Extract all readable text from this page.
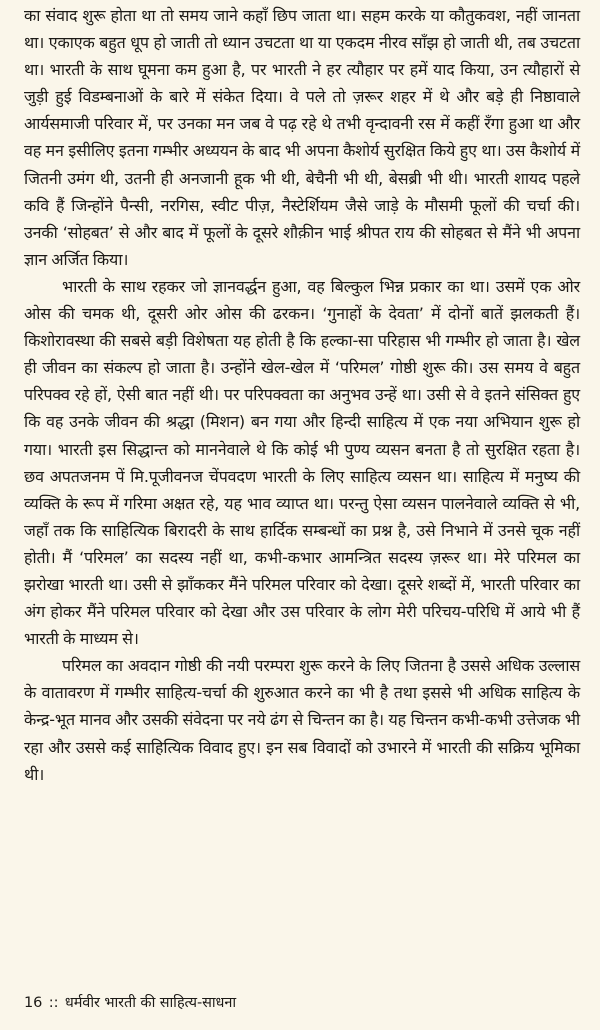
का संवाद शुरू होता था तो समय जाने कहाँ छिप जाता था। सहम करके या कौतुकवश, नहीं जानता था। एकाएक बहुत धूप हो जाती तो ध्यान उचटता था या एकदम नीरव साँझ हो जाती थी, तब उचटता था। भारती के साथ घूमना कम हुआ है, पर भारती ने हर त्यौहार पर हमें याद किया, उन त्यौहारों से जुड़ी हुई विडम्बनाओं के बारे में संकेत दिया। वे पले तो ज़रूर शहर में थे और बड़े ही निष्ठावाले आर्यसमाजी परिवार में, पर उनका मन जब वे पढ़ रहे थे तभी वृन्दावनी रस में कहीं रँगा हुआ था और वह मन इसीलिए इतना गम्भीर अध्ययन के बाद भी अपना कैशोर्य सुरक्षित किये हुए था। उस कैशोर्य में जितनी उमंग थी, उतनी ही अनजानी हूक भी थी, बेचैनी भी थी, बेसब्री भी थी। भारती शायद पहले कवि हैं जिन्होंने पैन्सी, नरगिस, स्वीट पीज़, नैस्टेर्शियम जैसे जाड़े के मौसमी फूलों की चर्चा की। उनकी ‘सोहबत’ से और बाद में फूलों के दूसरे शौक़ीन भाई श्रीपत राय की सोहबत से मैंने भी अपना ज्ञान अर्जित किया।

भारती के साथ रहकर जो ज्ञानवर्द्धन हुआ, वह बिल्कुल भिन्न प्रकार का था। उसमें एक ओर ओस की चमक थी, दूसरी ओर ओस की ढरकन। ‘गुनाहों के देवता’ में दोनों बातें झलकती हैं। किशोरावस्था की सबसे बड़ी विशेषता यह होती है कि हल्का-सा परिहास भी गम्भीर हो जाता है। खेल ही जीवन का संकल्प हो जाता है। उन्होंने खेल-खेल में ‘परिमल’ गोष्ठी शुरू की। उस समय वे बहुत परिपक्व रहे हों, ऐसी बात नहीं थी। पर परिपक्वता का अनुभव उन्हें था। उसी से वे इतने संसिक्त हुए कि वह उनके जीवन की श्रद्धा (मिशन) बन गया और हिन्दी साहित्य में एक नया अभियान शुरू हो गया। भारती इस सिद्धान्त को माननेवाले थे कि कोई भी पुण्य व्यसन बनता है तो सुरक्षित रहता है। छव अपतजनम पें मि.पूजीवनज चेंपवदण भारती के लिए साहित्य व्यसन था। साहित्य में मनुष्य की व्यक्ति के रूप में गरिमा अक्षत रहे, यह भाव व्याप्त था। परन्तु ऐसा व्यसन पालनेवाले व्यक्ति से भी, जहाँ तक कि साहित्यिक बिरादरी के साथ हार्दिक सम्बन्धों का प्रश्न है, उसे निभाने में उनसे चूक नहीं होती। मैं ‘परिमल’ का सदस्य नहीं था, कभी-कभार आमन्त्रित सदस्य ज़रूर था। मेरे परिमल का झरोखा भारती था। उसी से झाँककर मैंने परिमल परिवार को देखा। दूसरे शब्दों में, भारती परिवार का अंग होकर मैंने परिमल परिवार को देखा और उस परिवार के लोग मेरी परिचय-परिधि में आये भी हैं भारती के माध्यम से।

परिमल का अवदान गोष्ठी की नयी परम्परा शुरू करने के लिए जितना है उससे अधिक उल्लास के वातावरण में गम्भीर साहित्य-चर्चा की शुरुआत करने का भी है तथा इससे भी अधिक साहित्य के केन्द्र-भूत मानव और उसकी संवेदना पर नये ढंग से चिन्तन का है। यह चिन्तन कभी-कभी उत्तेजक भी रहा और उससे कई साहित्यिक विवाद हुए। इन सब विवादों को उभारने में भारती की सक्रिय भूमिका थी।

16 :: धर्मवीर भारती की साहित्य-साधना
